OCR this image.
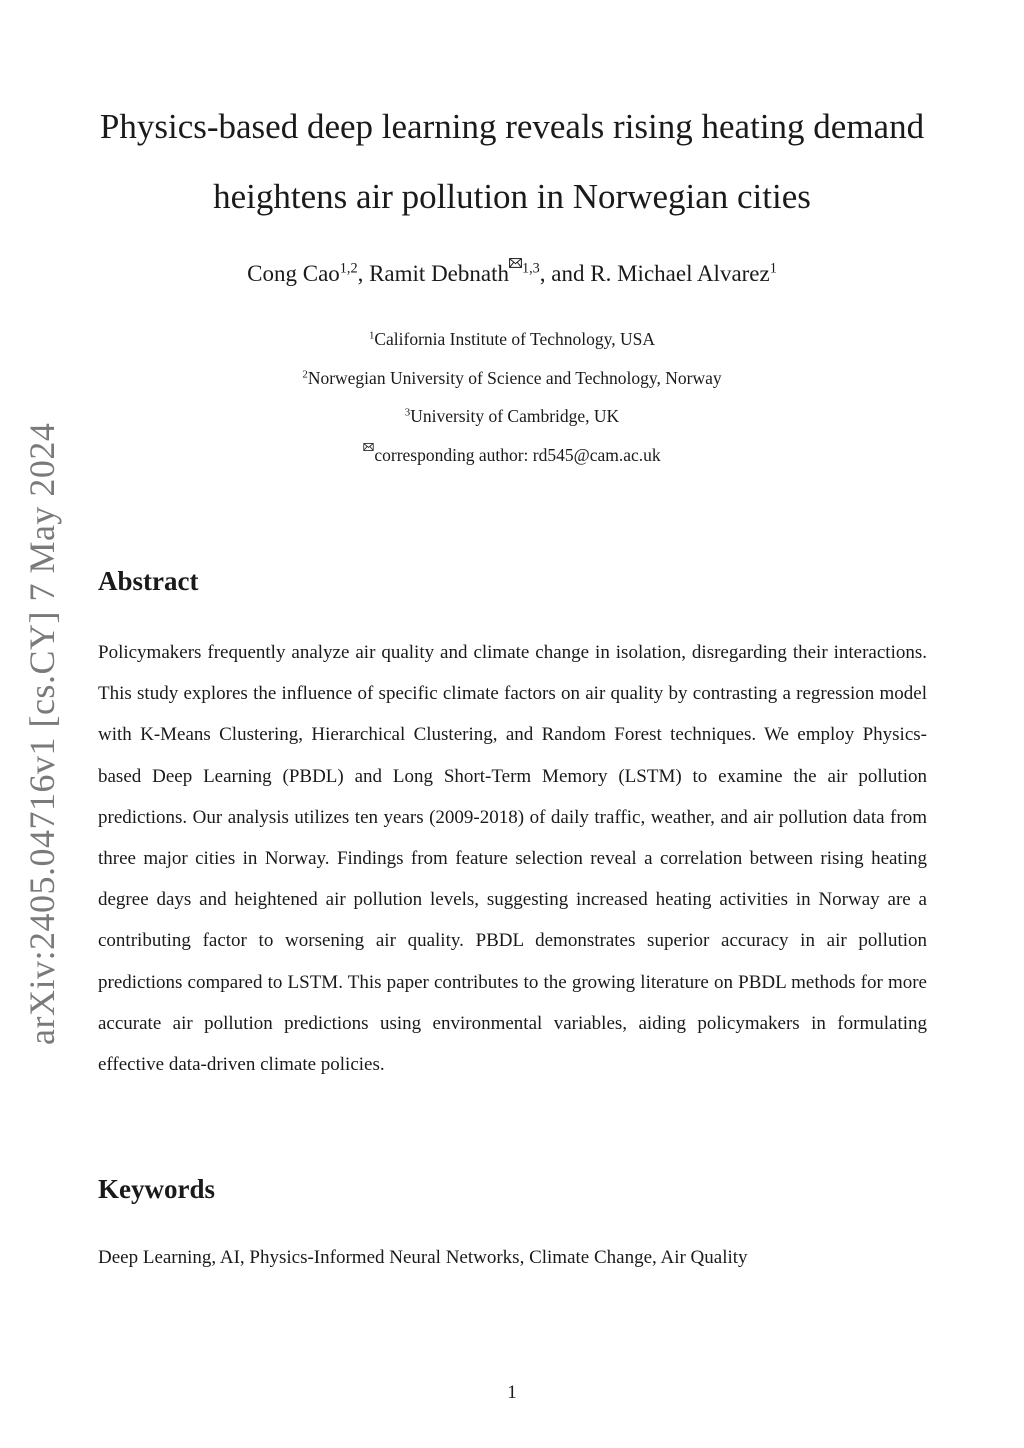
arXiv:2405.04716v1 [cs.CY] 7 May 2024

Physics-based deep learning reveals rising heating demand

heightens air pollution in Norwegian cities

Cong Cao$^{1,2}$, Ramit Debnath $^{1,3}$, and R. Michael Alvarez$^1$
$^1$California Institute of Technology, USA
$^2$Norwegian University of Science and Technology, Norway
$^3$University of Cambridge, UK
corresponding author: rd545@cam.ac.uk
Abstract

Policymakers frequently analyze air quality and climate change in isolation, disregarding their interactions. This study explores the influence of specific climate factors on air quality by contrasting a regression model with K-Means Clustering, Hierarchical Clustering, and Random Forest techniques. We employ Physics-based Deep Learning (PBDL) and Long Short-Term Memory (LSTM) to examine the air pollution predictions. Our analysis utilizes ten years (2009-2018) of daily traffic, weather, and air pollution data from three major cities in Norway. Findings from feature selection reveal a correlation between rising heating degree days and heightened air pollution levels, suggesting increased heating activities in Norway are a contributing factor to worsening air quality. PBDL demonstrates superior accuracy in air pollution predictions compared to LSTM. This paper contributes to the growing literature on PBDL methods for more accurate air pollution predictions using environmental variables, aiding policymakers in formulating effective data-driven climate policies.

Keywords

Deep Learning, AI, Physics-Informed Neural Networks, Climate Change, Air Quality

1
